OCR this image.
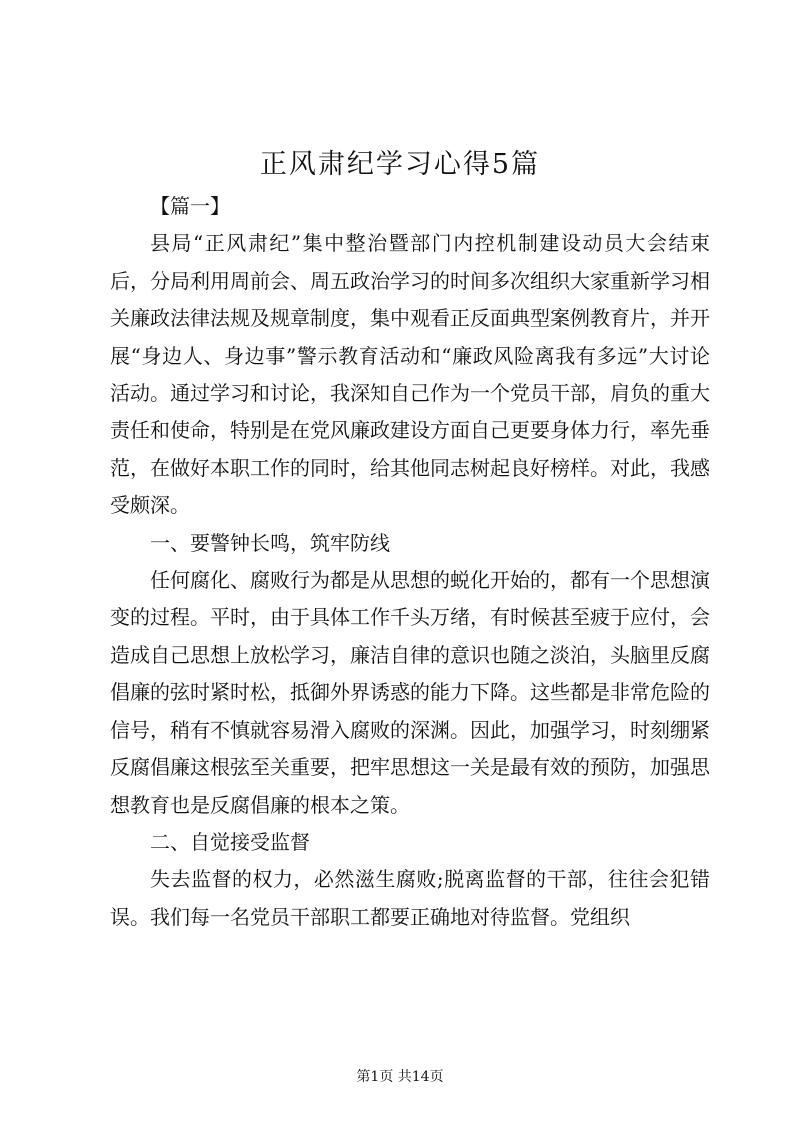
正风肃纪学习心得5篇

【篇一】

县局“正风肃纪”集中整治暨部门内控机制建设动员大会结束后，分局利用周前会、周五政治学习的时间多次组织大家重新学习相关廉政法律法规及规章制度，集中观看正反面典型案例教育片，并开展“身边人、身边事”警示教育活动和“廉政风险离我有多远”大讨论活动。通过学习和讨论，我深知自己作为一个党员干部，肩负的重大责任和使命，特别是在党风廉政建设方面自己更要身体力行，率先垂范，在做好本职工作的同时，给其他同志树起良好榜样。对此，我感受颇深。

一、要警钟长鸣，筑牢防线

任何腐化、腐败行为都是从思想的蜕化开始的，都有一个思想演变的过程。平时，由于具体工作千头万绪，有时候甚至疲于应付，会造成自己思想上放松学习，廉洁自律的意识也随之淡泊，头脑里反腐倡廉的弦时紧时松，抵御外界诱惑的能力下降。这些都是非常危险的信号，稍有不慎就容易滑入腐败的深渊。因此，加强学习，时刻绷紧反腐倡廉这根弦至关重要，把牢思想这一关是最有效的预防，加强思想教育也是反腐倡廉的根本之策。

二、自觉接受监督

失去监督的权力，必然滋生腐败;脱离监督的干部，往往会犯错误。我们每一名党员干部职工都要正确地对待监督。党组织

第1页 共14页
